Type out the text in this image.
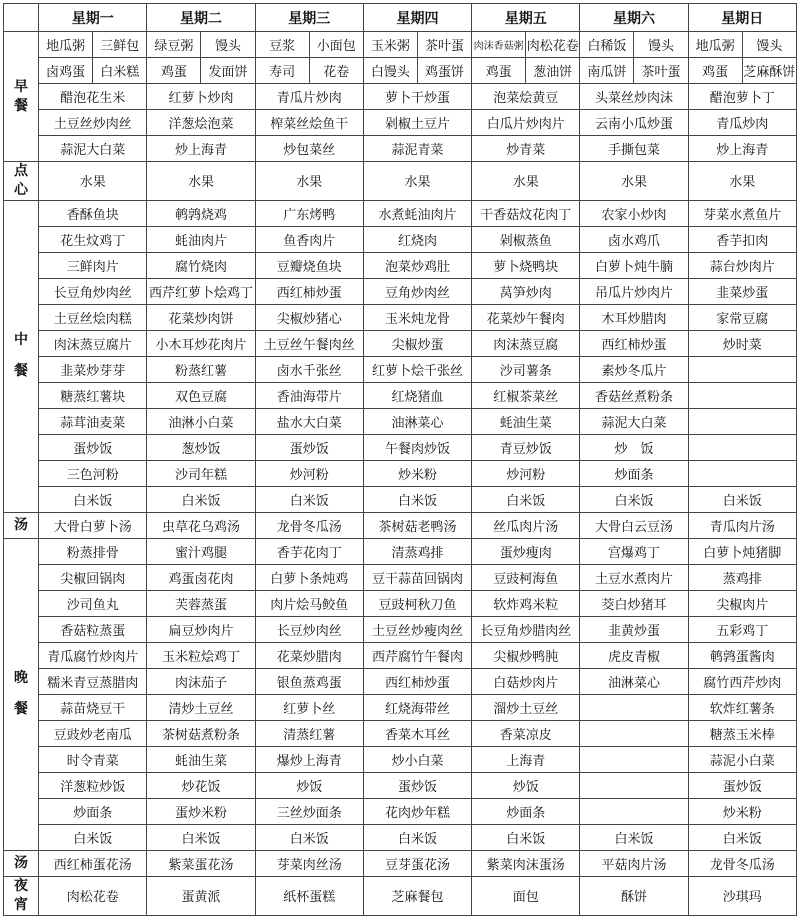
	星期一		星期二		星期三		星期四		星期五		星期六		星期日	
早餐	地瓜粥	三鲜包	绿豆粥	馒头	豆浆	小面包	玉米粥	茶叶蛋	肉沫香菇粥	肉松花卷	白稀饭	馒头	地瓜粥	馒头
	卤鸡蛋	白米糕	鸡蛋	发面饼	寿司	花卷	白馒头	鸡蛋饼	鸡蛋	葱油饼	南瓜饼	茶叶蛋	鸡蛋	芝麻酥饼
	醋泡花生米		红萝卜炒肉		青瓜片炒肉		萝卜干炒蛋		泡菜烩黄豆		头菜丝炒肉沫		醋泡萝卜丁	
	土豆丝炒肉丝		洋葱烩泡菜		榨菜丝烩鱼干		剁椒土豆片		白瓜片炒肉片		云南小瓜炒蛋		青瓜炒肉	
	蒜泥大白菜		炒上海青		炒包菜丝		蒜泥青菜		炒青菜		手撕包菜		炒上海青	
点心	水果		水果		水果		水果		水果		水果		水果	
中餐	香酥鱼块		鹌鹑烧鸡		广东烤鸭		水煮蚝油肉片		干香菇炆花肉丁		农家小炒肉		芽菜水煮鱼片	
	花生炆鸡丁		蚝油肉片		鱼香肉片		红烧肉		剁椒蒸鱼		卤水鸡爪		香芋扣肉	
	三鲜肉片		腐竹烧肉		豆瓣烧鱼块		泡菜炒鸡肚		萝卜烧鸭块		白萝卜炖牛腩		蒜台炒肉片	
	长豆角炒肉丝		西芹红萝卜烩鸡丁		西红柿炒蛋		豆角炒肉丝		莴笋炒肉		吊瓜片炒肉片		韭菜炒蛋	
	土豆丝烩肉糕		花菜炒肉饼		尖椒炒猪心		玉米炖龙骨		花菜炒午餐肉		木耳炒腊肉		家常豆腐	
	肉沫蒸豆腐片		小木耳炒花肉片		土豆丝午餐肉丝		尖椒炒蛋		肉沫蒸豆腐		西红柿炒蛋		炒时菜	
	韭菜炒芽芽		粉蒸红薯		卤水千张丝		红萝卜烩千张丝		沙司薯条		素炒冬瓜片			
	糖蒸红薯块		双色豆腐		香油海带片		红烧猪血		红椒茶菜丝		香菇丝煮粉条			
	蒜茸油麦菜		油淋小白菜		盐水大白菜		油淋菜心		蚝油生菜		蒜泥大白菜			
	蛋炒饭		葱炒饭		蛋炒饭		午餐肉炒饭		青豆炒饭		炒　饭			
	三色河粉		沙司年糕		炒河粉		炒米粉		炒河粉		炒面条			
	白米饭		白米饭		白米饭		白米饭		白米饭		白米饭		白米饭	
汤	大骨白萝卜汤		虫草花乌鸡汤		龙骨冬瓜汤		茶树菇老鸭汤		丝瓜肉片汤		大骨白云豆汤		青瓜肉片汤	
晚餐	粉蒸排骨		蜜汁鸡腿		香芋花肉丁		清蒸鸡排		蛋炒瘦肉		宫爆鸡丁		白萝卜炖猪脚	
	尖椒回锅肉		鸡蛋卤花肉		白萝卜条炖鸡		豆干蒜苗回锅肉		豆豉柯海鱼		土豆水煮肉片		蒸鸡排	
	沙司鱼丸		芙蓉蒸蛋		肉片烩马鲛鱼		豆豉柯秋刀鱼		软炸鸡米粒		茭白炒猪耳		尖椒肉片	
	香菇粒蒸蛋		扁豆炒肉片		长豆炒肉丝		土豆丝炒瘦肉丝		长豆角炒腊肉丝		韭黄炒蛋		五彩鸡丁	
	青瓜腐竹炒肉片		玉米粒烩鸡丁		花菜炒腊肉		西芹腐竹午餐肉		尖椒炒鸭肫		虎皮青椒		鹌鹑蛋酱肉	
	糯米青豆蒸腊肉		肉沫茄子		银鱼蒸鸡蛋		西红柿炒蛋		白菇炒肉片		油淋菜心		腐竹西芹炒肉	
	蒜苗烧豆干		清炒土豆丝		红萝卜丝		红烧海带丝		溜炒土豆丝				软炸红薯条	
	豆豉炒老南瓜		茶树菇煮粉条		清蒸红薯		香菜木耳丝		香菜凉皮				糖蒸玉米棒	
	时令青菜		蚝油生菜		爆炒上海青		炒小白菜		上海青				蒜泥小白菜	
	洋葱粒炒饭		炒花饭		炒饭		蛋炒饭		炒饭				蛋炒饭	
	炒面条		蛋炒米粉		三丝炒面条		花肉炒年糕		炒面条				炒米粉	
	白米饭		白米饭		白米饭		白米饭		白米饭		白米饭		白米饭	
汤	西红柿蛋花汤		紫菜蛋花汤		芽菜肉丝汤		豆芽蛋花汤		紫菜肉沫蛋汤		平菇肉片汤		龙骨冬瓜汤	
夜宵	肉松花卷		蛋黄派		纸杯蛋糕		芝麻餐包		面包		酥饼		沙琪玛	
